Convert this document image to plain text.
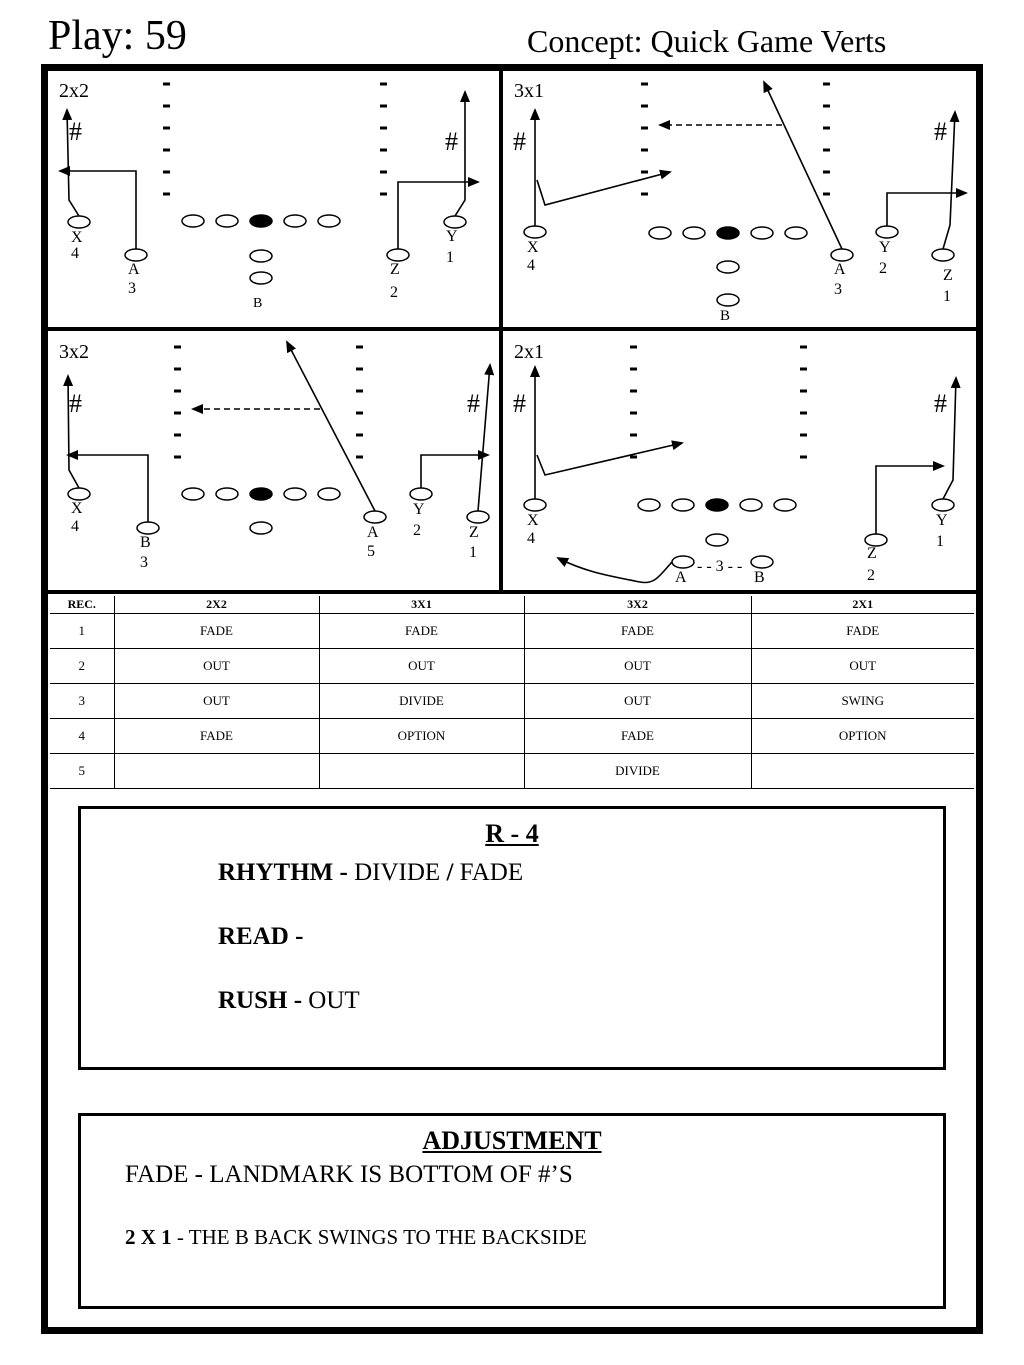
Play: 59	Concept: Quick Game Verts
2x2
#	#
X
4
A
3
B
Z
2
Y
1
3x1
#	#
X
4	A
3
Y
2	Z
1
B
3x2
#	#
X
4
B
3
A
5
Y
2	Z
1
2x1
#	#
X
4
Z
2
Y
1
A	B
- - 3 - -
REC.	2X2	3X1	3X2	2X1
1	FADE	FADE	FADE	FADE
2	OUT	OUT	OUT	OUT
3	OUT	DIVIDE	OUT	SWING
4	FADE	OPTION	FADE	OPTION
5			DIVIDE	
R - 4
RHYTHM - DIVIDE / FADE
READ -
RUSH - OUT
ADJUSTMENT
FADE - LANDMARK IS BOTTOM OF #’S
2 X 1 - THE B BACK SWINGS TO THE BACKSIDE
